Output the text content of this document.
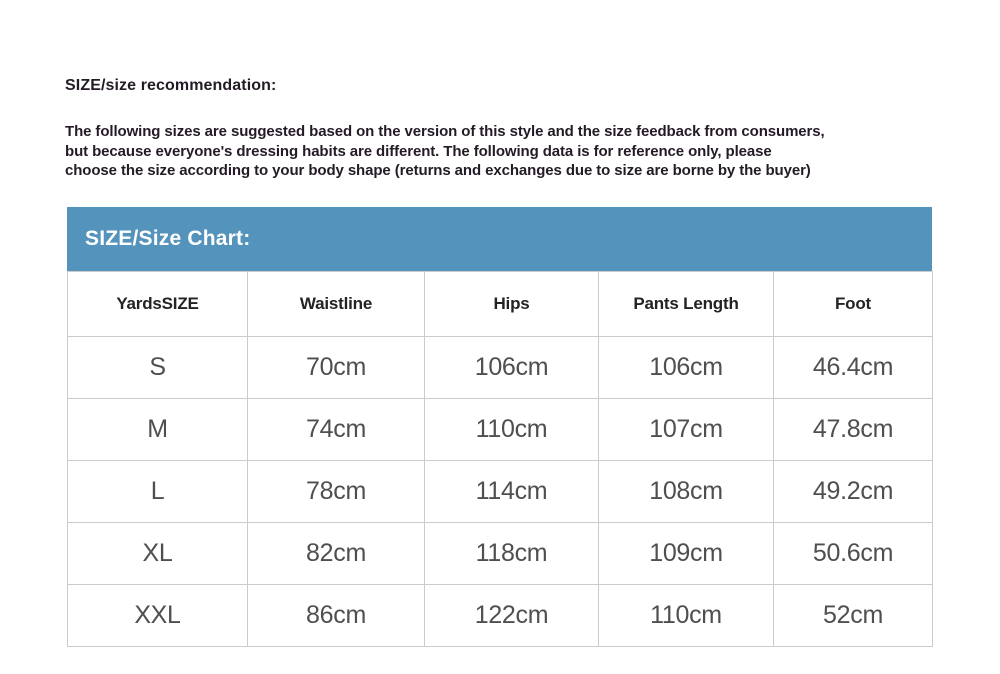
SIZE/size recommendation:

The following sizes are suggested based on the version of this style and the size feedback from consumers,
but because everyone's dressing habits are different. The following data is for reference only, please
choose the size according to your body shape (returns and exchanges due to size are borne by the buyer)

SIZE/Size Chart:
YardsSIZE	Waistline	Hips	Pants Length	Foot
S	70cm	106cm	106cm	46.4cm
M	74cm	110cm	107cm	47.8cm
L	78cm	114cm	108cm	49.2cm
XL	82cm	118cm	109cm	50.6cm
XXL	86cm	122cm	110cm	52cm
